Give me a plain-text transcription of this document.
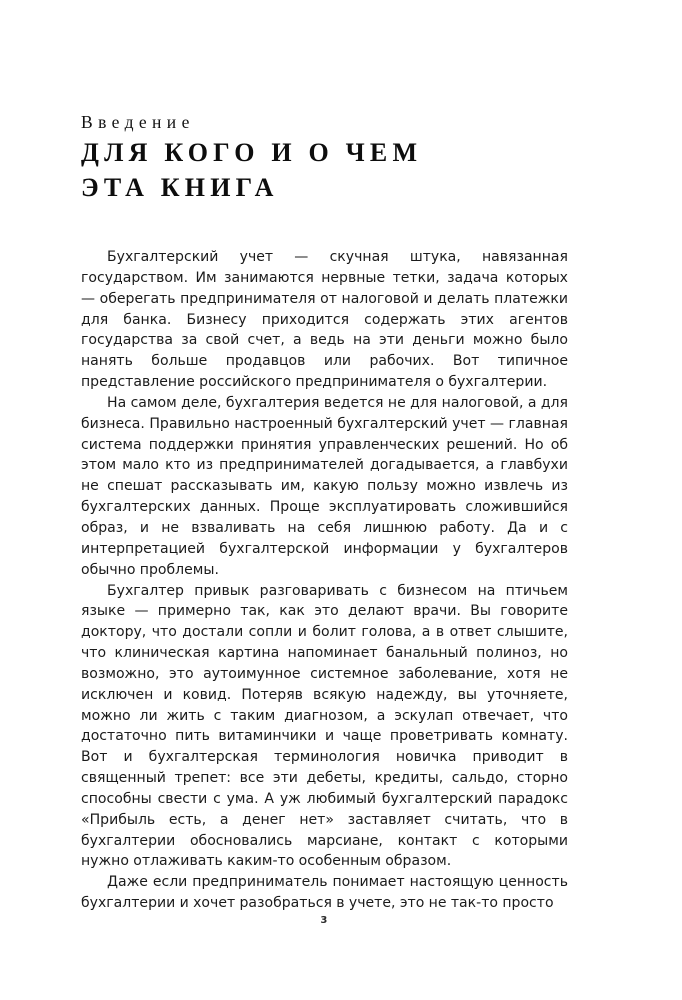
Введение
ДЛЯ КОГО И О ЧЕМ
ЭТА КНИГА

Бухгалтерский учет — скучная штука, навязанная государством. Им занимаются нервные тетки, задача которых — оберегать предпринимателя от налоговой и делать платежки для банка. Бизнесу приходится содержать этих агентов государства за свой счет, а ведь на эти деньги можно было нанять больше продавцов или рабочих. Вот типичное представление российского предпринимателя о бухгалтерии.

На самом деле, бухгалтерия ведется не для налоговой, а для бизнеса. Правильно настроенный бухгалтерский учет — главная система поддержки принятия управленческих решений. Но об этом мало кто из предпринимателей догадывается, а главбухи не спешат рассказывать им, какую пользу можно извлечь из бухгалтерских данных. Проще эксплуатировать сложившийся образ, и не взваливать на себя лишнюю работу. Да и с интерпретацией бухгалтерской информации у бухгалтеров обычно проблемы.

Бухгалтер привык разговаривать с бизнесом на птичьем языке — примерно так, как это делают врачи. Вы говорите доктору, что достали сопли и болит голова, а в ответ слышите, что клиническая картина напоминает банальный полиноз, но возможно, это аутоимунное системное заболевание, хотя не исключен и ковид. Потеряв всякую надежду, вы уточняете, можно ли жить с таким диагнозом, а эскулап отвечает, что достаточно пить витаминчики и чаще проветривать комнату. Вот и бухгалтерская терминология новичка приводит в священный трепет: все эти дебеты, кредиты, сальдо, сторно способны свести с ума. А уж любимый бухгалтерский парадокс «Прибыль есть, а денег нет» заставляет считать, что в бухгалтерии обосновались марсиане, контакт с которыми нужно отлаживать каким-то особенным образом.

Даже если предприниматель понимает настоящую ценность бухгалтерии и хочет разобраться в учете, это не так-то просто

3
